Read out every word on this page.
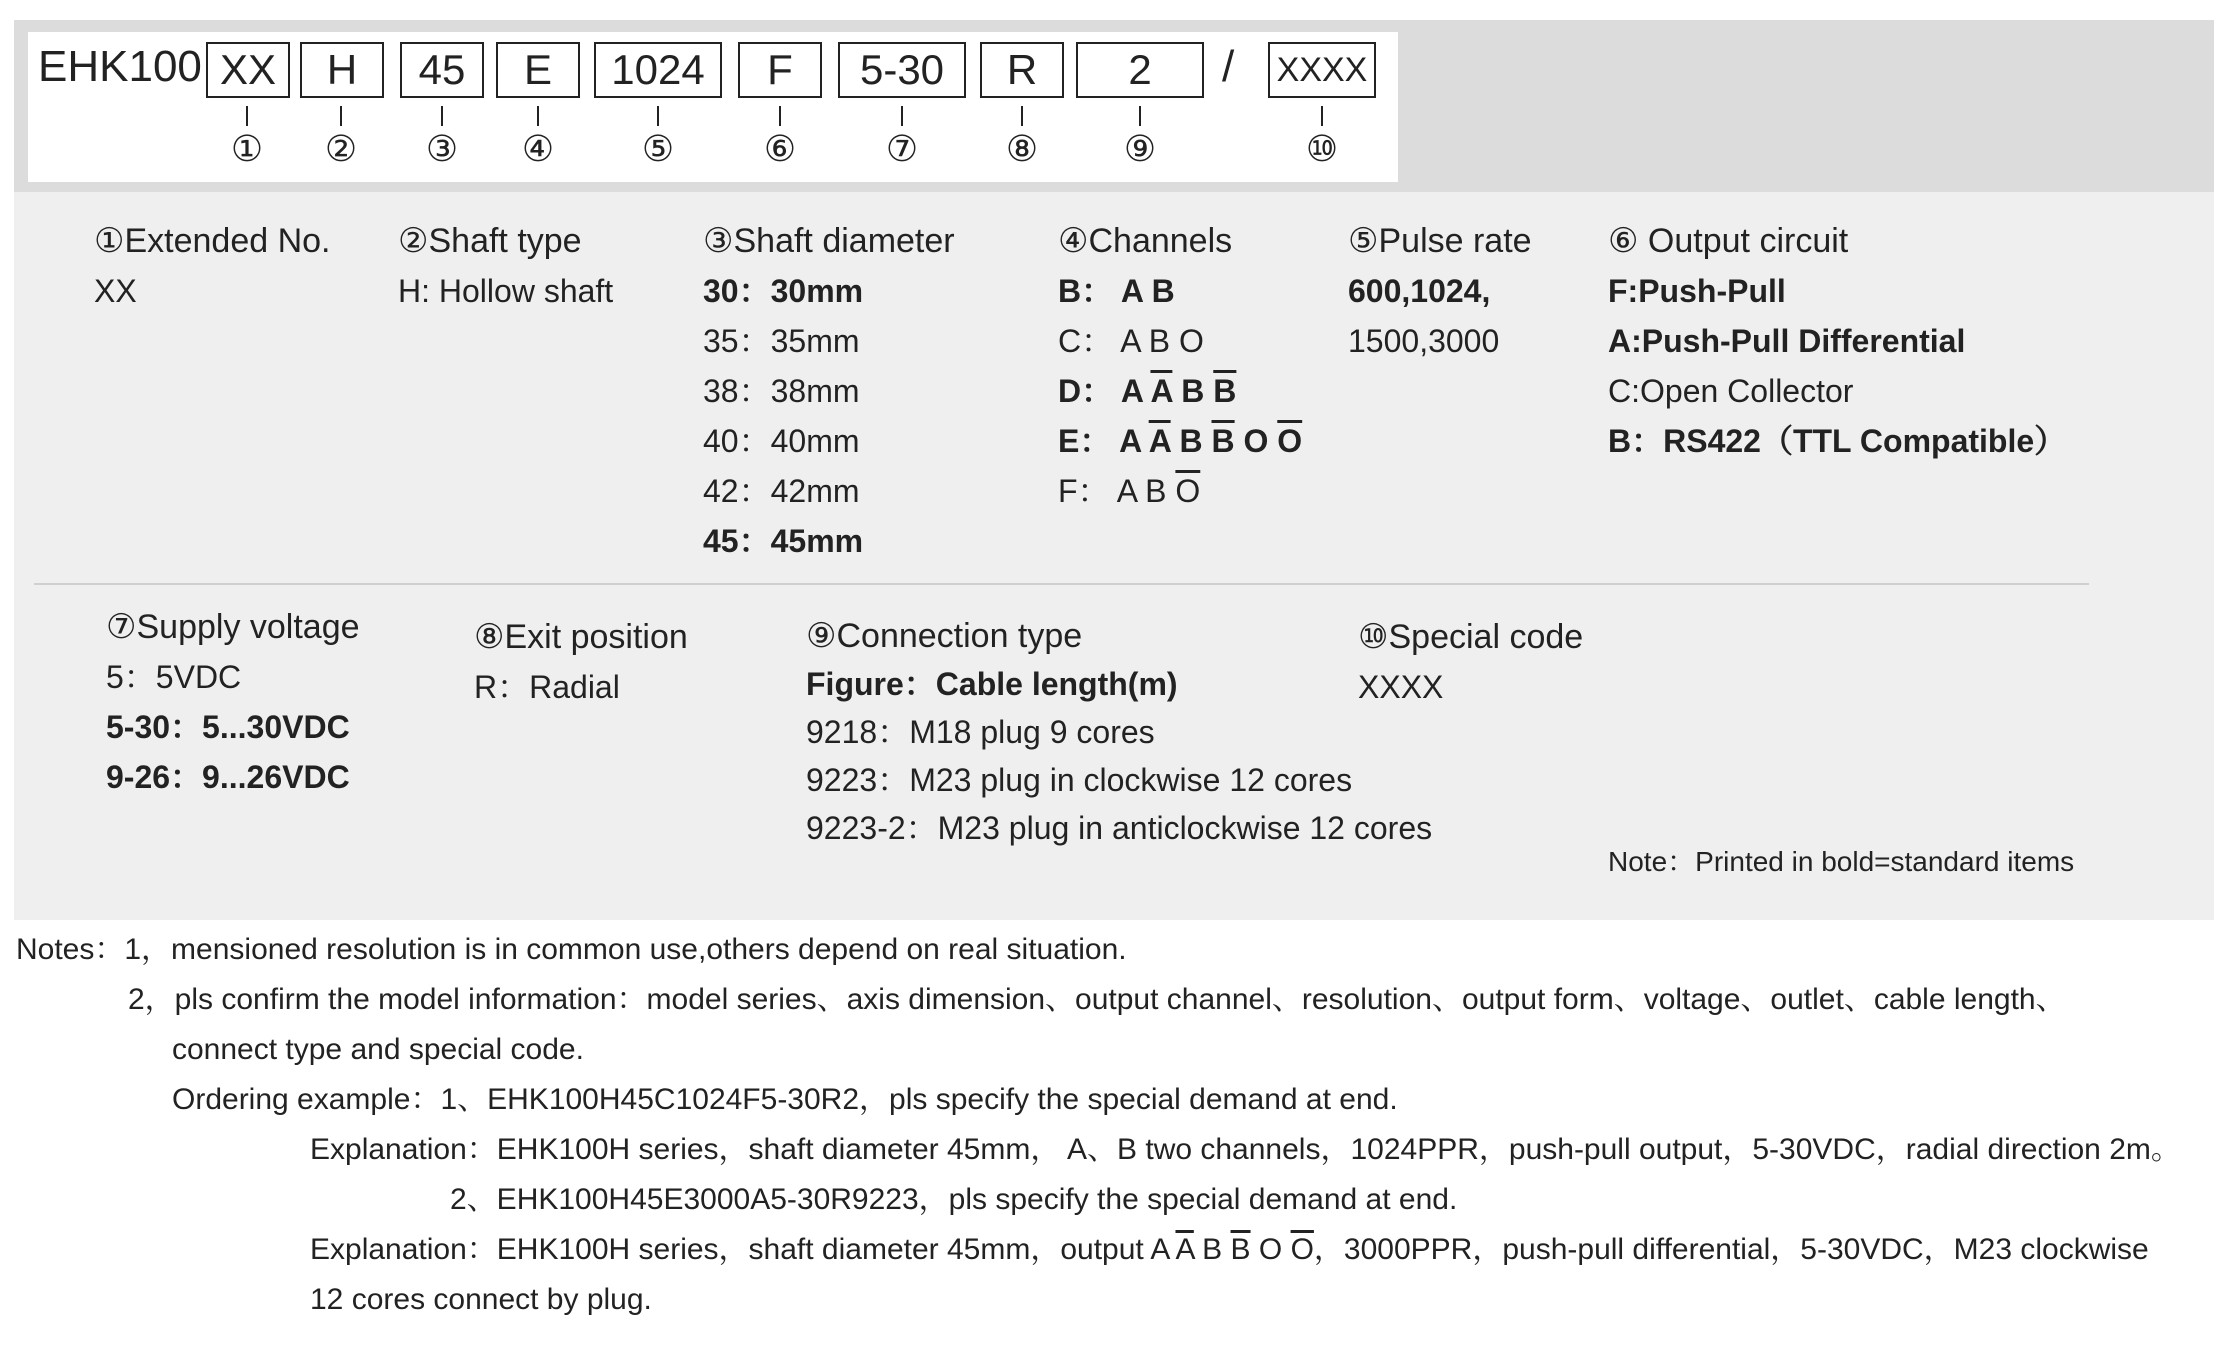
EHK100 XX	H	45	E	1024	F	5-30	R	2	/ XXXX
①	②	③	④	⑤	⑥	⑦	⑧	⑨	⑩
①Extended No.
XX
②Shaft type
H: Hollow shaft
③Shaft diameter
30：30mm
35：35mm
38：38mm
40：40mm
42：42mm
45：45mm
④Channels
B： A B
C： A B O
D： A $\overline{A}$ B $\overline{B}$
E： A $\overline{A}$ B $\overline{B}$ O $\overline{O}$
F： A B $\overline{O}$
⑤Pulse rate
600,1024,
1500,3000
⑥ Output circuit
F:Push-Pull
A:Push-Pull Differential
C:Open Collector
B：RS422（TTL Compatible）
⑦Supply voltage
5：5VDC
5-30：5...30VDC
9-26：9...26VDC
⑧Exit position
R：Radial
⑨Connection type
Figure：Cable length(m)
9218：M18 plug 9 cores
9223：M23 plug in clockwise 12 cores
9223-2：M23 plug in anticlockwise 12 cores
⑩Special code
XXXX
Note：Printed in bold=standard items
Notes：1，mensioned resolution is in common use,others depend on real situation.
2，pls confirm the model information：model series、axis dimension、output channel、resolution、output form、voltage、outlet、cable length、
connect type and special code.
Ordering example：1、EHK100H45C1024F5-30R2，pls specify the special demand at end.
Explanation：EHK100H series，shaft diameter 45mm， A、B two channels，1024PPR，push-pull output，5-30VDC，radial direction 2m。
2、EHK100H45E3000A5-30R9223，pls specify the special demand at end.
Explanation：EHK100H series，shaft diameter 45mm，output A $\overline{A}$ B $\overline{B}$ O $\overline{O}$，3000PPR，push-pull differential，5-30VDC，M23 clockwise
12 cores connect by plug.
